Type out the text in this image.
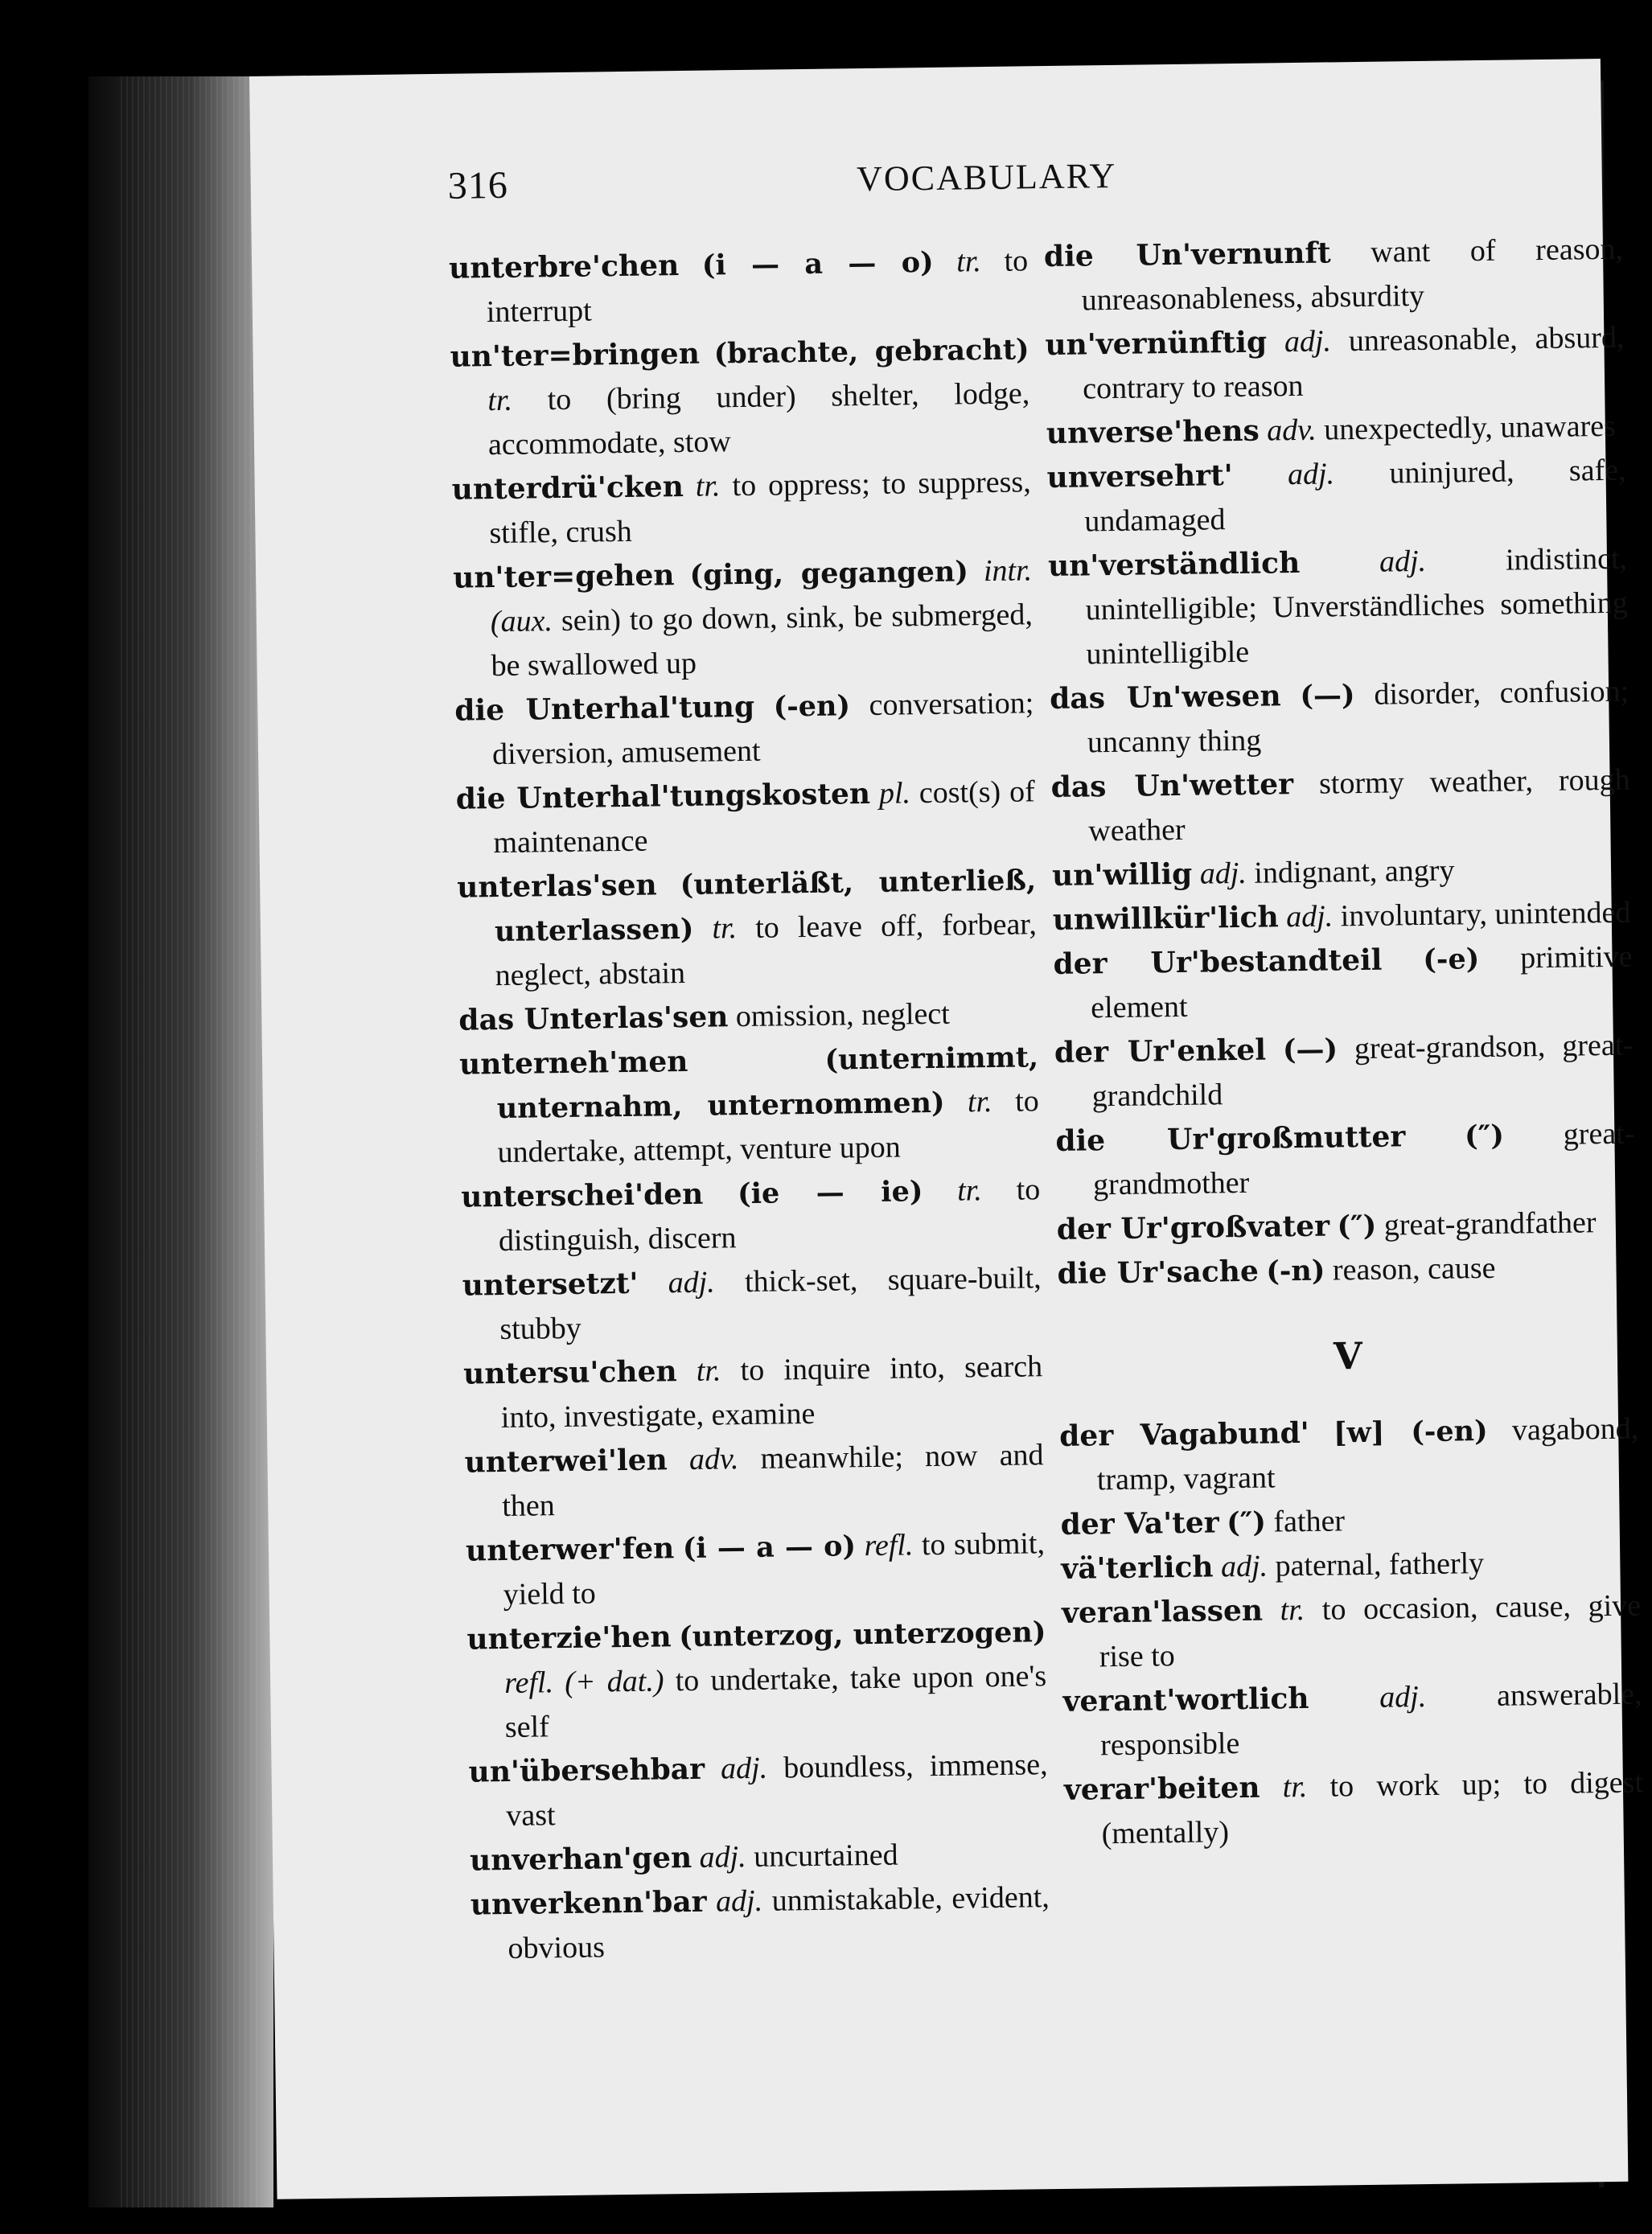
316	VOCABULARY

unterbre'chen (i — a — o) tr. to interrupt

un'ter=bringen (brachte, gebracht) tr. to (bring under) shelter, lodge, accommodate, stow

unterdrü'cken tr. to oppress; to suppress, stifle, crush

un'ter=gehen (ging, gegangen) intr. (aux. sein) to go down, sink, be submerged, be swallowed up

die Unterhal'tung (-en) conversation; diversion, amusement

die Unterhal'tungskosten pl. cost(s) of maintenance

unterlas'sen (unterläßt, unterließ, unterlassen) tr. to leave off, forbear, neglect, abstain

das Unterlas'sen omission, neglect

unterneh'men	(unternimmt, unternahm, unternommen) tr. to undertake, attempt, venture upon

unterschei'den (ie — ie) tr. to distinguish, discern

untersetzt' adj. thick-set, square-built, stubby

untersu'chen tr. to inquire into, search into, investigate, examine

unterwei'len adv. meanwhile; now and then

unterwer'fen (i — a — o) refl. to submit, yield to

unterzie'hen (unterzog, unterzogen) refl. (+ dat.) to undertake, take upon one's self

un'übersehbar adj. boundless, immense, vast

unverhan'gen adj. uncurtained

unverkenn'bar adj. unmistakable, evident, obvious

die Un'vernunft want of reason, unreasonableness, absurdity

un'vernünftig adj. unreasonable, absurd, contrary to reason

unverse'hens adv. unexpectedly, unawares

unversehrt' adj. uninjured, safe, undamaged

un'verständlich	adj.	indistinct, unintelligible; Unverständliches something unintelligible

das Un'wesen (—) disorder, confusion; uncanny thing

das Un'wetter stormy weather, rough weather

un'willig adj. indignant, angry

unwillkür'lich adj. involuntary, unintended

der Ur'bestandteil (-e) primitive element

der Ur'enkel (—) great-grandson, great-grandchild

die Ur'großmutter (″) great-grandmother

der Ur'großvater (″) great-grandfather

die Ur'sache (-n) reason, cause

V

der Vagabund' [w] (-en) vagabond, tramp, vagrant

der Va'ter (″) father

vä'terlich adj. paternal, fatherly

veran'lassen tr. to occasion, cause, give rise to

verant'wortlich adj. answerable, responsible

verar'beiten tr. to work up; to digest (mentally)
